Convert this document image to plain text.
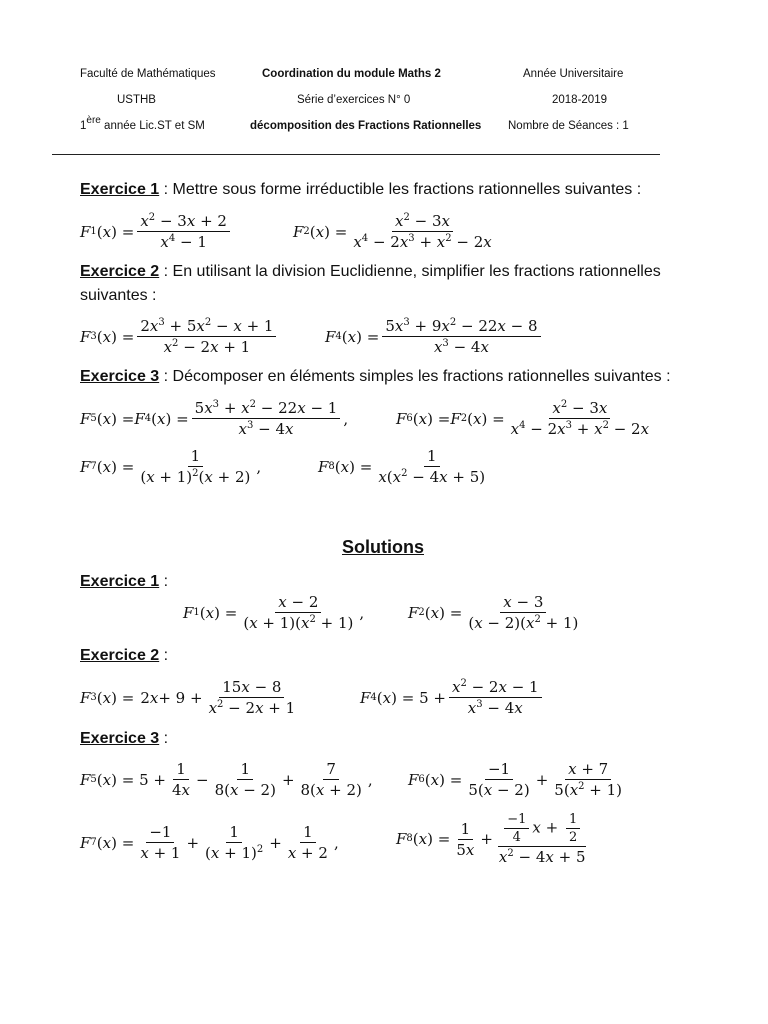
Faculté de Mathématiques
USTHB
1ère année Lic.ST et SM
Coordination du module Maths 2
Série d’exercices N° 0
décomposition des Fractions Rationnelles
Année Universitaire
2018-2019
Nombre de Séances : 1
Exercice 1 : Mettre sous forme irréductible les fractions rationnelles suivantes :
F 1 ( x ) = $\frac{x^2 - 3x + 2}{x^4 - 1}$	F 2 ( x ) = $\frac{x^2 - 3x}{x^4 - 2x^3 + x^2 - 2x}$
Exercice 2 : En utilisant la division Euclidienne, simplifier les fractions rationnelles
suivantes :
F 3 ( x ) = $\frac{2x^3 + 5x^2 - x + 1}{x^2 - 2x + 1}$	F 4 ( x ) = $\frac{5x^3 + 9x^2 - 22x - 8}{x^3 - 4x}$
Exercice 3 : Décomposer en éléments simples les fractions rationnelles suivantes :
F 5 ( x ) = F 4 ( x ) = $\frac{5x^3 + x^2 - 22x - 1}{x^3 - 4x}$ ,	F 6 ( x ) = F 2 ( x ) = $\frac{x^2 - 3x}{x^4 - 2x^3 + x^2 - 2x}$
F 7 ( x ) = $\frac{1}{(x + 1)^2(x + 2)}$ ,	F 8 ( x ) = $\frac{1}{x(x^2 - 4x + 5)}$
Solutions
Exercice 1 :
F 1 ( x ) = $\frac{x - 2}{(x + 1)(x^2 + 1)}$ ,	F 2 ( x ) = $\frac{x - 3}{(x - 2)(x^2 + 1)}$
Exercice 2 :
F 3 ( x ) =
2 $x + 9 + \frac{15x - 8}{x^2 - 2x + 1}$	F 4 ( x ) = $5 + \frac{x^2 - 2x - 1}{x^3 - 4x}$
Exercice 3 :
F 5 ( x ) = $5 + \frac{1}{4x} - \frac{1}{8(x - 2)} + \frac{7}{8(x + 2)}$ , F 6 ( x ) = $\frac{-1}{5(x - 2)} + \frac{x + 7}{5(x^2 + 1)}$
F 7 ( x ) = $\frac{-1}{x + 1} + \frac{1}{(x + 1)^2} + \frac{1}{x + 2}$ ,	F 8 ( x ) = $\frac{1}{5x} + \frac{\frac{-1}{4} x + \frac{1}{2}}{x^2 - 4x + 5}$
